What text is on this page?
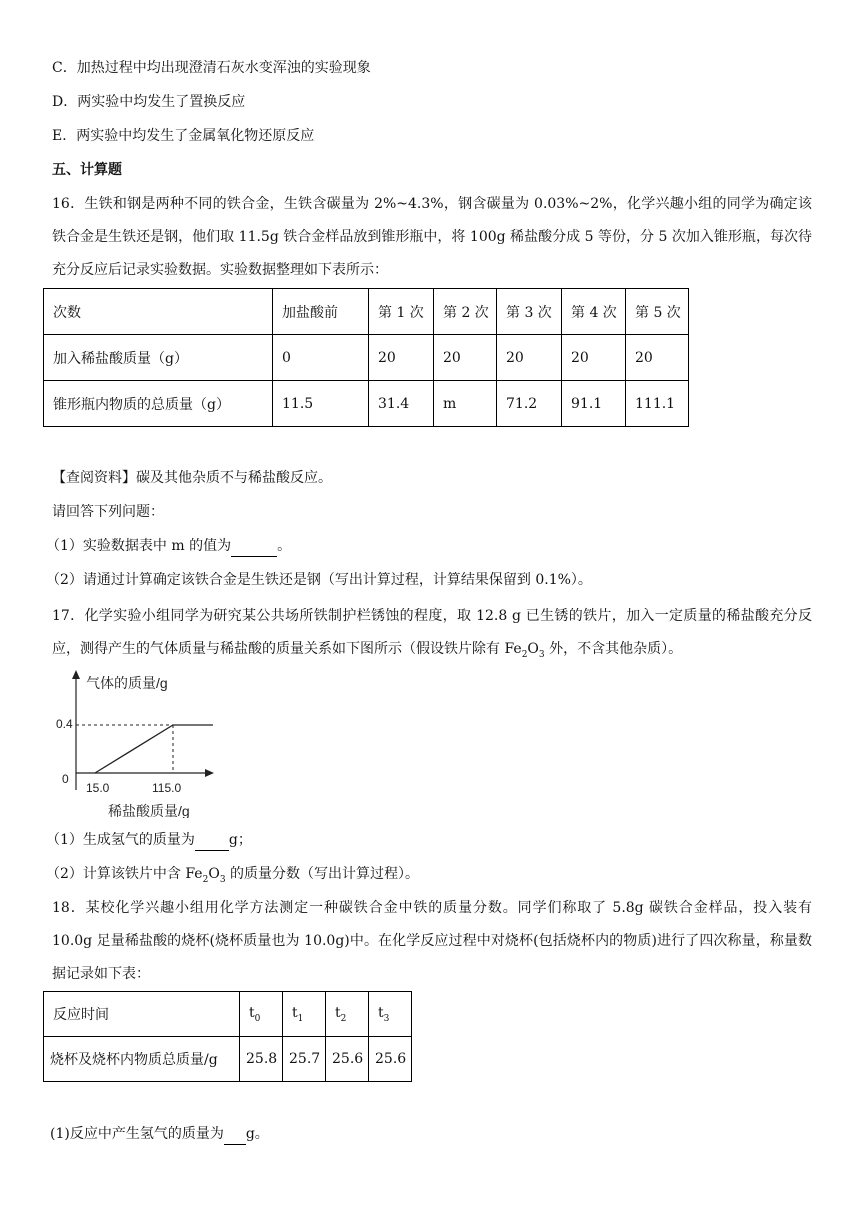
C．加热过程中均出现澄清石灰水变浑浊的实验现象
D．两实验中均发生了置换反应
E．两实验中均发生了金属氧化物还原反应
五、计算题
16．生铁和钢是两种不同的铁合金，生铁含碳量为 2%~4.3%，钢含碳量为 0.03%~2%，化学兴趣小组的同学为确定该铁合金是生铁还是钢，他们取 11.5g 铁合金样品放到锥形瓶中，将 100g 稀盐酸分成 5 等份，分 5 次加入锥形瓶，每次待充分反应后记录实验数据。实验数据整理如下表所示：
次数	加盐酸前	第 1 次	第 2 次	第 3 次	第 4 次	第 5 次
加入稀盐酸质量（g）	0	20	20	20	20	20
锥形瓶内物质的总质量（g）	11.5	31.4	m	71.2	91.1	111.1
【查阅资料】碳及其他杂质不与稀盐酸反应。
请回答下列问题：
（1）实验数据表中 m 的值为	。
（2）请通过计算确定该铁合金是生铁还是钢（写出计算过程，计算结果保留到 0.1%）。
17．化学实验小组同学为研究某公共场所铁制护栏锈蚀的程度，取 12.8 g 已生锈的铁片，加入一定质量的稀盐酸充分反应，测得产生的气体质量与稀盐酸的质量关系如下图所示（假设铁片除有 $Fe_2O_3$ 外，不含其他杂质）。
气体的质量/g
稀盐酸质量/g
0
0.4
15.0	115.0
（1）生成氢气的质量为 g；
（2）计算该铁片中含 $Fe_2O_3$ 的质量分数（写出计算过程）。
18．某校化学兴趣小组用化学方法测定一种碳铁合金中铁的质量分数。同学们称取了 5.8g 碳铁合金样品，投入装有 10.0g 足量稀盐酸的烧杯(烧杯质量也为 10.0g)中。在化学反应过程中对烧杯(包括烧杯内的物质)进行了四次称量，称量数据记录如下表：
反应时间	$t_0$	$t_1$	$t_2$	$t_3$
烧杯及烧杯内物质总质量/g	25.8	25.7	25.6	25.6
(1)反应中产生氢气的质量为 g。
